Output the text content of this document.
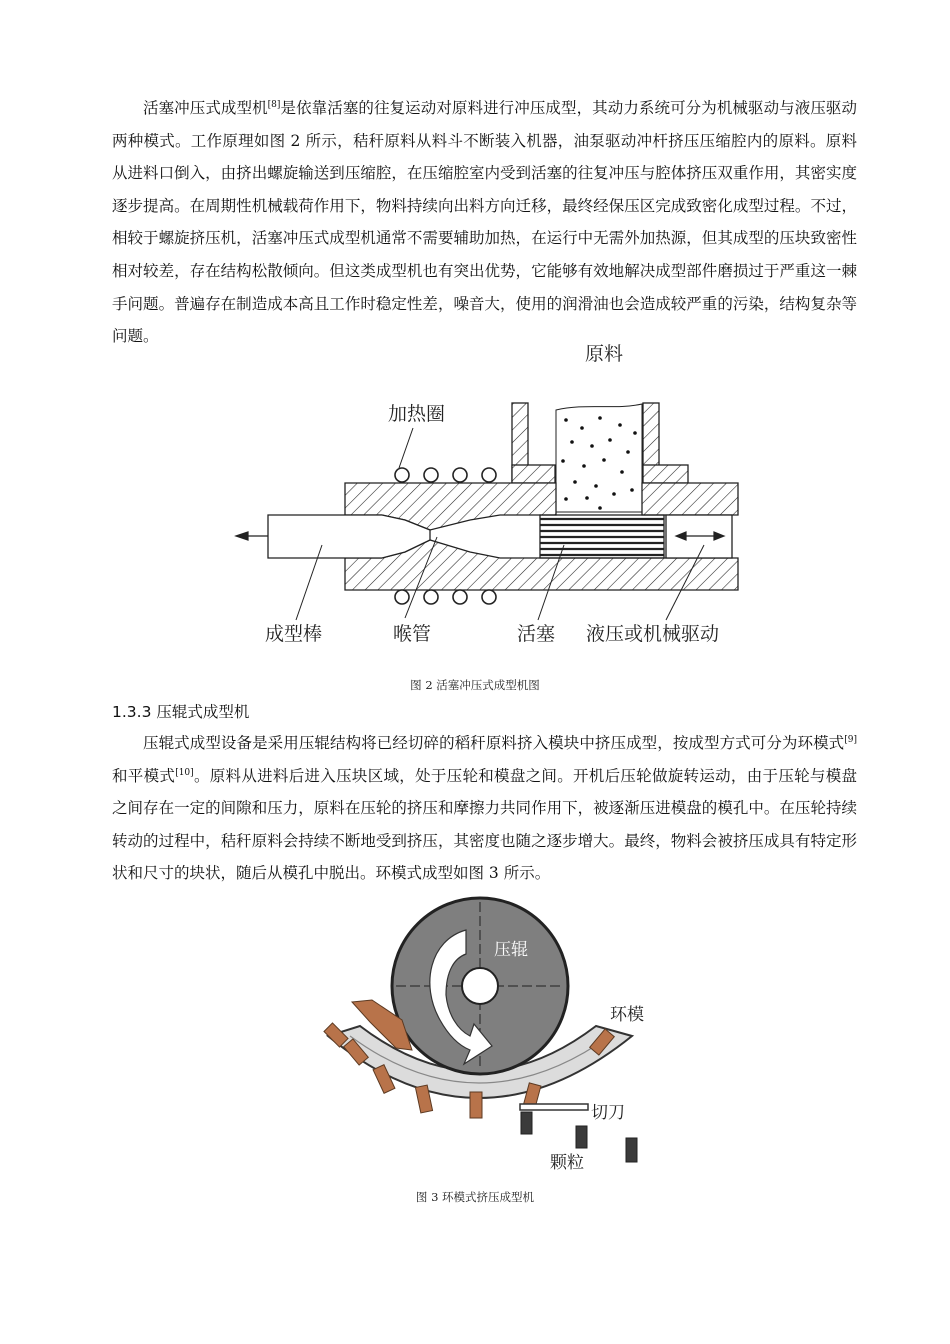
活塞冲压式成型机[8]是依靠活塞的往复运动对原料进行冲压成型，其动力系统可分为机械驱动与液压驱动两种模式。工作原理如图 2 所示，秸秆原料从料斗不断装入机器，油泵驱动冲杆挤压压缩腔内的原料。原料从进料口倒入，由挤出螺旋输送到压缩腔，在压缩腔室内受到活塞的往复冲压与腔体挤压双重作用，其密实度逐步提高。在周期性机械载荷作用下，物料持续向出料方向迁移，最终经保压区完成致密化成型过程。不过，相较于螺旋挤压机，活塞冲压式成型机通常不需要辅助加热，在运行中无需外加热源，但其成型的压块致密性相对较差，存在结构松散倾向。但这类成型机也有突出优势，它能够有效地解决成型部件磨损过于严重这一棘手问题。普遍存在制造成本高且工作时稳定性差，噪音大，使用的润滑油也会造成较严重的污染，结构复杂等问题。

原料
加热圈
成型棒	喉管	活塞 液压或机械驱动
图 2 活塞冲压式成型机图

1.3.3 压辊式成型机

压辊式成型设备是采用压辊结构将已经切碎的稻秆原料挤入模块中挤压成型，按成型方式可分为环模式[9]和平模式[10]。原料从进料后进入压块区域，处于压轮和模盘之间。开机后压轮做旋转运动，由于压轮与模盘之间存在一定的间隙和压力，原料在压轮的挤压和摩擦力共同作用下，被逐渐压进模盘的模孔中。在压轮持续转动的过程中，秸秆原料会持续不断地受到挤压，其密度也随之逐步增大。最终，物料会被挤压成具有特定形状和尺寸的块状，随后从模孔中脱出。环模式成型如图 3 所示。

压辊
环模
切刀
颗粒
图 3 环模式挤压成型机
